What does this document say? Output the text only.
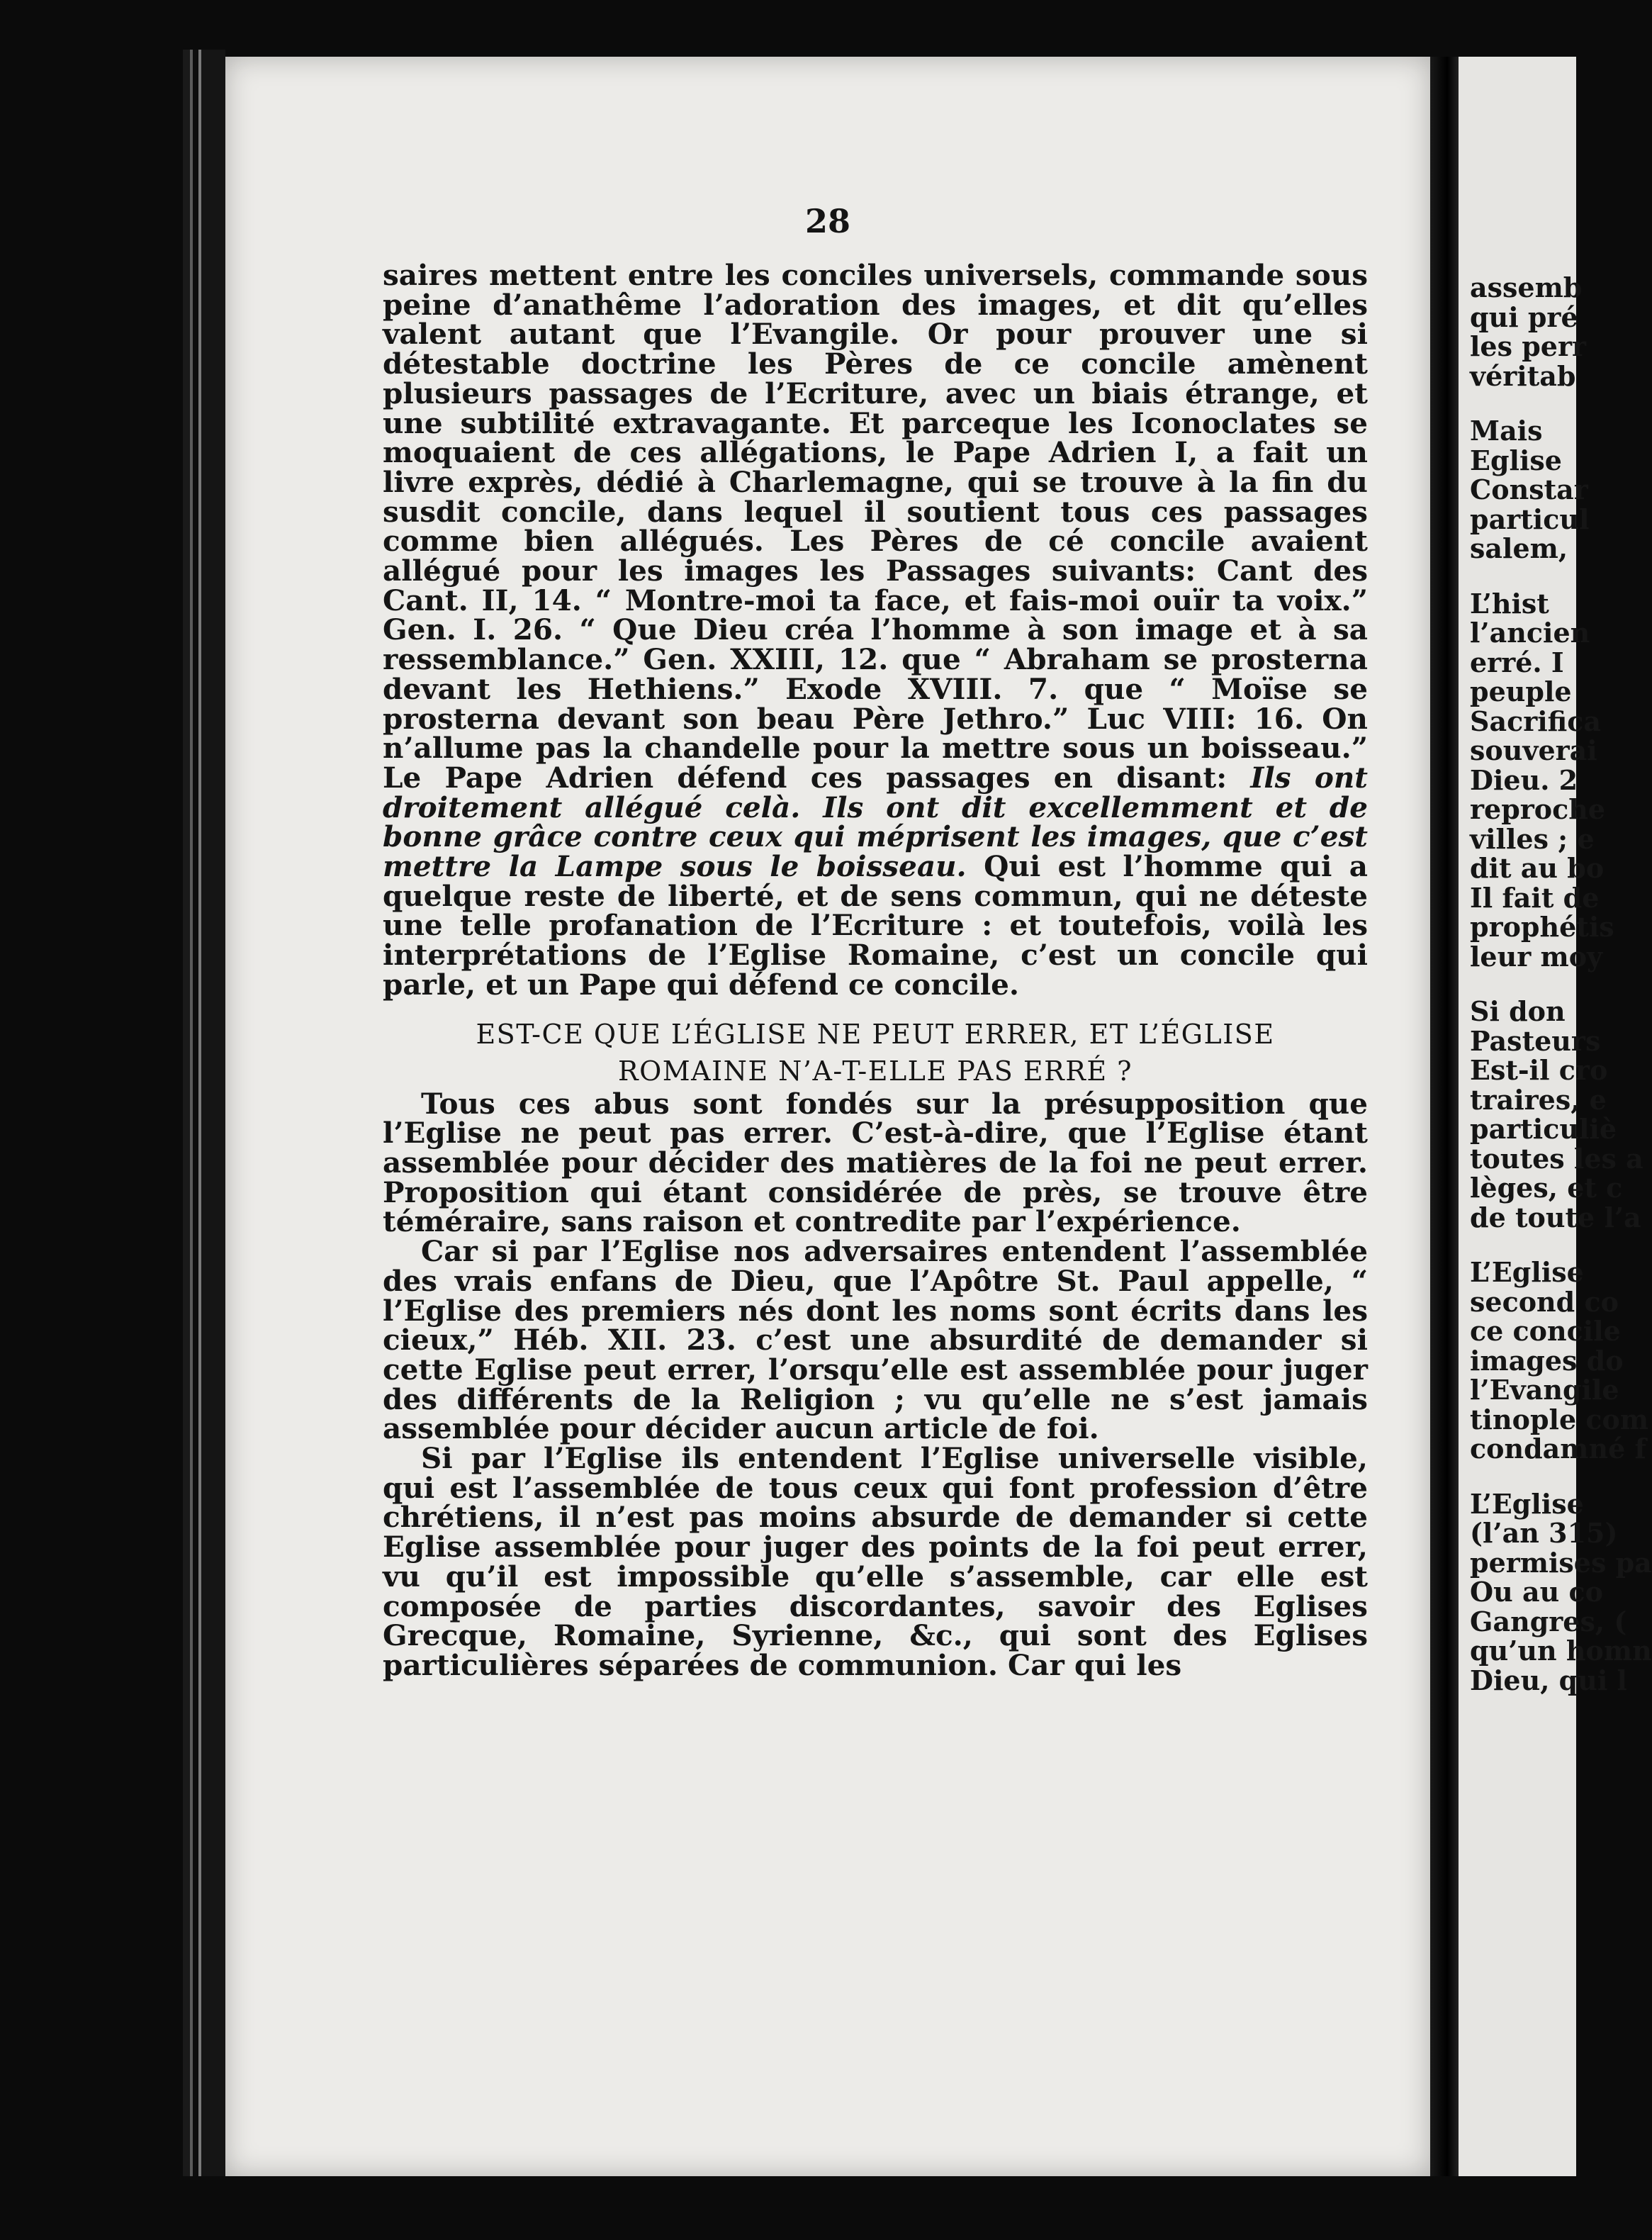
28

saires mettent entre les conciles universels, commande sous peine d’anathême l’adoration des images, et dit qu’elles valent autant que l’Evangile. Or pour prouver une si détestable doctrine les Pères de ce concile amènent plusieurs passages de l’Ecriture, avec un biais étrange, et une subtilité extravagante. Et parceque les Iconoclates se moquaient de ces allégations, le Pape Adrien I, a fait un livre exprès, dédié à Charlemagne, qui se trouve à la fin du susdit concile, dans lequel il soutient tous ces passages comme bien allégués. Les Pères de cé concile avaient allégué pour les images les Passages suivants: Cant des Cant. II, 14. “ Montre-moi ta face, et fais-moi ouïr ta voix.” Gen. I. 26. “ Que Dieu créa l’homme à son image et à sa ressemblance.” Gen. XXIII, 12. que “ Abraham se prosterna devant les Hethiens.” Exode XVIII. 7. que “ Moïse se prosterna devant son beau Père Jethro.” Luc VIII: 16. On n’allume pas la chandelle pour la mettre sous un boisseau.” Le Pape Adrien défend ces passages en disant: Ils ont droitement allégué celà. Ils ont dit excellemment et de bonne grâce contre ceux qui méprisent les images, que c’est mettre la Lampe sous le boisseau. Qui est l’homme qui a quelque reste de liberté, et de sens commun, qui ne déteste une telle profanation de l’Ecriture : et toutefois, voilà les interprétations de l’Eglise Romaine, c’est un concile qui parle, et un Pape qui défend ce concile.

EST-CE QUE L’ÉGLISE NE PEUT ERRER, ET L’ÉGLISE
ROMAINE N’A-T-ELLE PAS ERRÉ ?

Tous ces abus sont fondés sur la présupposition que l’Eglise ne peut pas errer. C’est-à-dire, que l’Eglise étant assemblée pour décider des matières de la foi ne peut errer. Proposition qui étant considérée de près, se trouve être téméraire, sans raison et contredite par l’expérience.

Car si par l’Eglise nos adversaires entendent l’assemblée des vrais enfans de Dieu, que l’Apôtre St. Paul appelle, “ l’Eglise des premiers nés dont les noms sont écrits dans les cieux,” Héb. XII. 23. c’est une absurdité de demander si cette Eglise peut errer, l’orsqu’elle est assemblée pour juger des différents de la Religion ; vu qu’elle ne s’est jamais assemblée pour décider aucun article de foi.

Si par l’Eglise ils entendent l’Eglise universelle visible, qui est l’assemblée de tous ceux qui font profession d’être chrétiens, il n’est pas moins absurde de demander si cette Eglise assemblée pour juger des points de la foi peut errer, vu qu’il est impossible qu’elle s’assemble, car elle est composée de parties discordantes, savoir des Eglises Grecque, Romaine, Syrienne, &c., qui sont des Eglises particulières séparées de communion. Car qui les

assemb
qui pré
les perr
véritab
Mais
Eglise
Constar
particul
salem,
L’hist
l’ancien
erré. I
peuple
Sacrifica
souverai
Dieu. 2
reproche
villes ; e
dit au bo
Il fait de
prophétis
leur moy
Si don
Pasteurs
Est-il cro
traires, e
particuliè
toutes les a
lèges, et c
de toute l’a
L’Eglise
second co
ce concile
images do
l’Evangile
tinople com
condamné f
L’Eglise
(l’an 315)
permises pa
Ou au co
Gangres, (
qu’un homn
Dieu, qui l
